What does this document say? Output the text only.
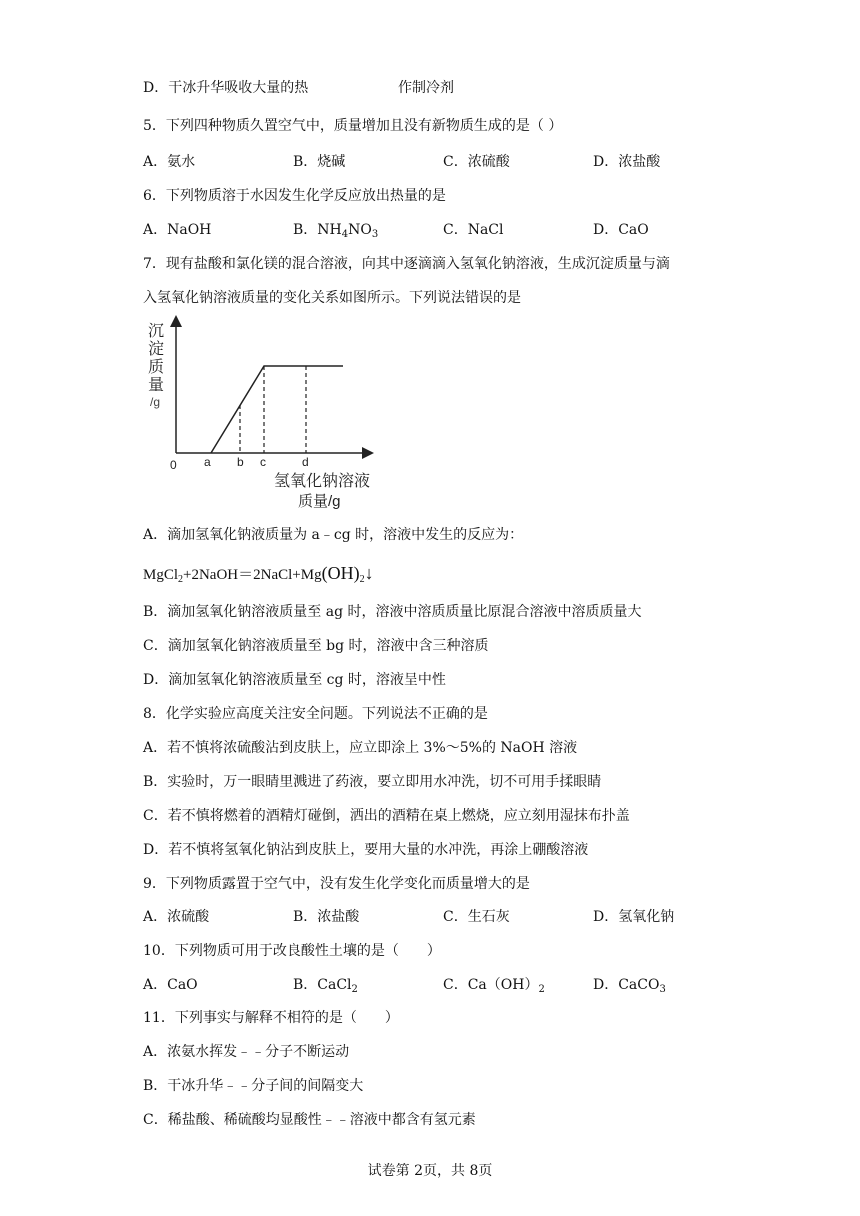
D．干冰升华吸收大量的热	作制冷剂
5．下列四种物质久置空气中，质量增加且没有新物质生成的是（ ）
A．氨水	B．烧碱	C．浓硫酸	D．浓盐酸
6．下列物质溶于水因发生化学反应放出热量的是
A．NaOH	B．$NH_4NO_3$	C．NaCl	D．CaO
7．现有盐酸和氯化镁的混合溶液，向其中逐滴滴入氢氧化钠溶液，生成沉淀质量与滴
入氢氧化钠溶液质量的变化关系如图所示。下列说法错误的是
沉
淀
质
量
/g
0 a b c	d
氢氧化钠溶液
质量/g
A．滴加氢氧化钠液质量为 a﹣cg 时，溶液中发生的反应为：
$MgCl_2+2NaOH=2NaCl+Mg(OH)_2↓$
B．滴加氢氧化钠溶液质量至 ag 时，溶液中溶质质量比原混合溶液中溶质质量大
C．滴加氢氧化钠溶液质量至 bg 时，溶液中含三种溶质
D．滴加氢氧化钠溶液质量至 cg 时，溶液呈中性
8．化学实验应高度关注安全问题。下列说法不正确的是
A．若不慎将浓硫酸沾到皮肤上，应立即涂上 3%～5%的 NaOH 溶液
B．实验时，万一眼睛里溅进了药液，要立即用水冲洗，切不可用手揉眼睛
C．若不慎将燃着的酒精灯碰倒，洒出的酒精在桌上燃烧，应立刻用湿抹布扑盖
D．若不慎将氢氧化钠沾到皮肤上，要用大量的水冲洗，再涂上硼酸溶液
9．下列物质露置于空气中，没有发生化学变化而质量增大的是
A．浓硫酸	B．浓盐酸	C．生石灰	D．氢氧化钠
10．下列物质可用于改良酸性土壤的是（　　）
A．CaO	B．CaCl$_2$	C．$Ca(OH)_2$	D．CaCO$_3$
11．下列事实与解释不相符的是（　　）
A．浓氨水挥发﹣﹣分子不断运动
B．干冰升华﹣﹣分子间的间隔变大
C．稀盐酸、稀硫酸均显酸性﹣﹣溶液中都含有氢元素
试卷第 2页，共 8页
